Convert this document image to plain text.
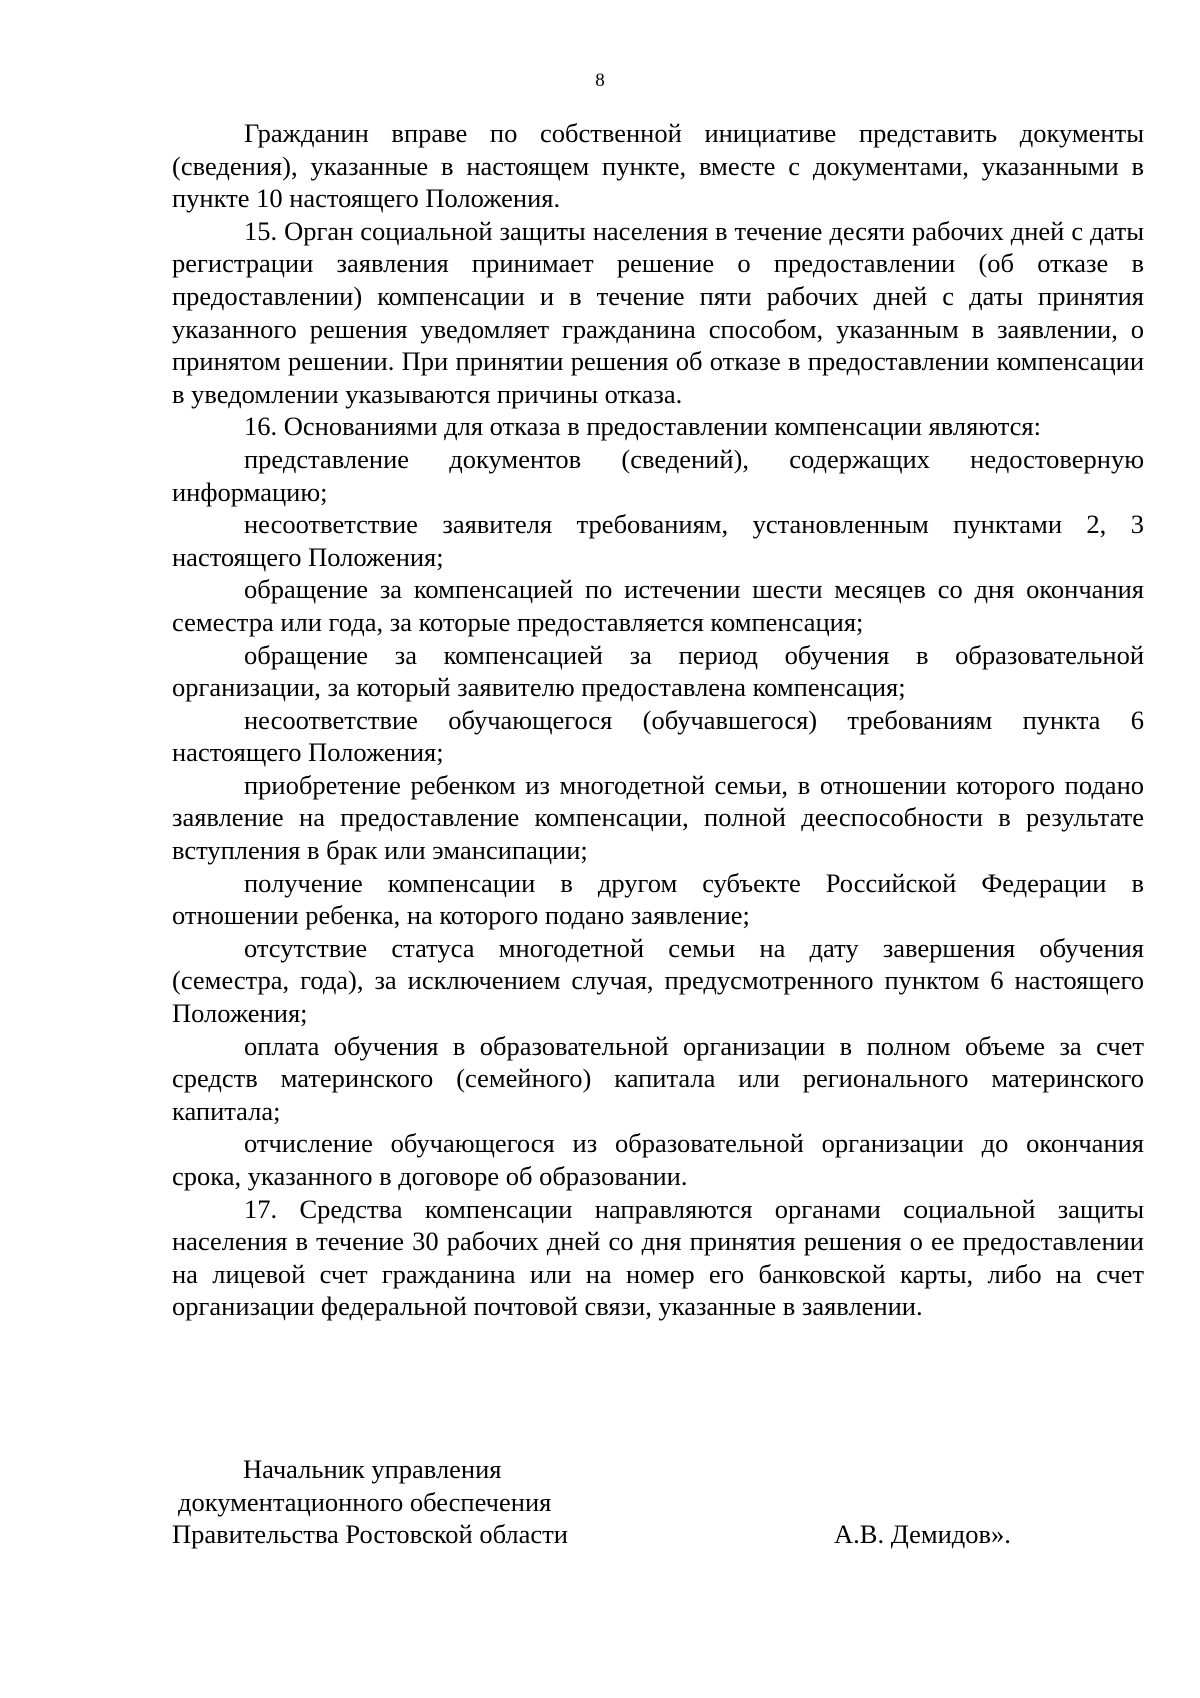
8

Гражданин вправе по собственной инициативе представить документы (сведения), указанные в настоящем пункте, вместе с документами, указанными в пункте 10 настоящего Положения.

15. Орган социальной защиты населения в течение десяти рабочих дней с даты регистрации заявления принимает решение о предоставлении (об отказе в предоставлении) компенсации и в течение пяти рабочих дней с даты принятия указанного решения уведомляет гражданина способом, указанным в заявлении, о принятом решении. При принятии решения об отказе в предоставлении компенсации в уведомлении указываются причины отказа.

16. Основаниями для отказа в предоставлении компенсации являются:

представление документов (сведений), содержащих недостоверную информацию;

несоответствие заявителя требованиям, установленным пунктами 2, 3 настоящего Положения;

обращение за компенсацией по истечении шести месяцев со дня окончания семестра или года, за которые предоставляется компенсация;

обращение за компенсацией за период обучения в образовательной организации, за который заявителю предоставлена компенсация;

несоответствие обучающегося (обучавшегося) требованиям пункта 6 настоящего Положения;

приобретение ребенком из многодетной семьи, в отношении которого подано заявление на предоставление компенсации, полной дееспособности в результате вступления в брак или эмансипации;

получение компенсации в другом субъекте Российской Федерации в отношении ребенка, на которого подано заявление;

отсутствие статуса многодетной семьи на дату завершения обучения (семестра, года), за исключением случая, предусмотренного пунктом 6 настоящего Положения;

оплата обучения в образовательной организации в полном объеме за счет средств материнского (семейного) капитала или регионального материнского капитала;

отчисление обучающегося из образовательной организации до окончания срока, указанного в договоре об образовании.

17. Средства компенсации направляются органами социальной защиты населения в течение 30 рабочих дней со дня принятия решения о ее предоставлении на лицевой счет гражданина или на номер его банковской карты, либо на счет организации федеральной почтовой связи, указанные в заявлении.

Начальник управления
документационного обеспечения
Правительства Ростовской области	А.В. Демидов».
